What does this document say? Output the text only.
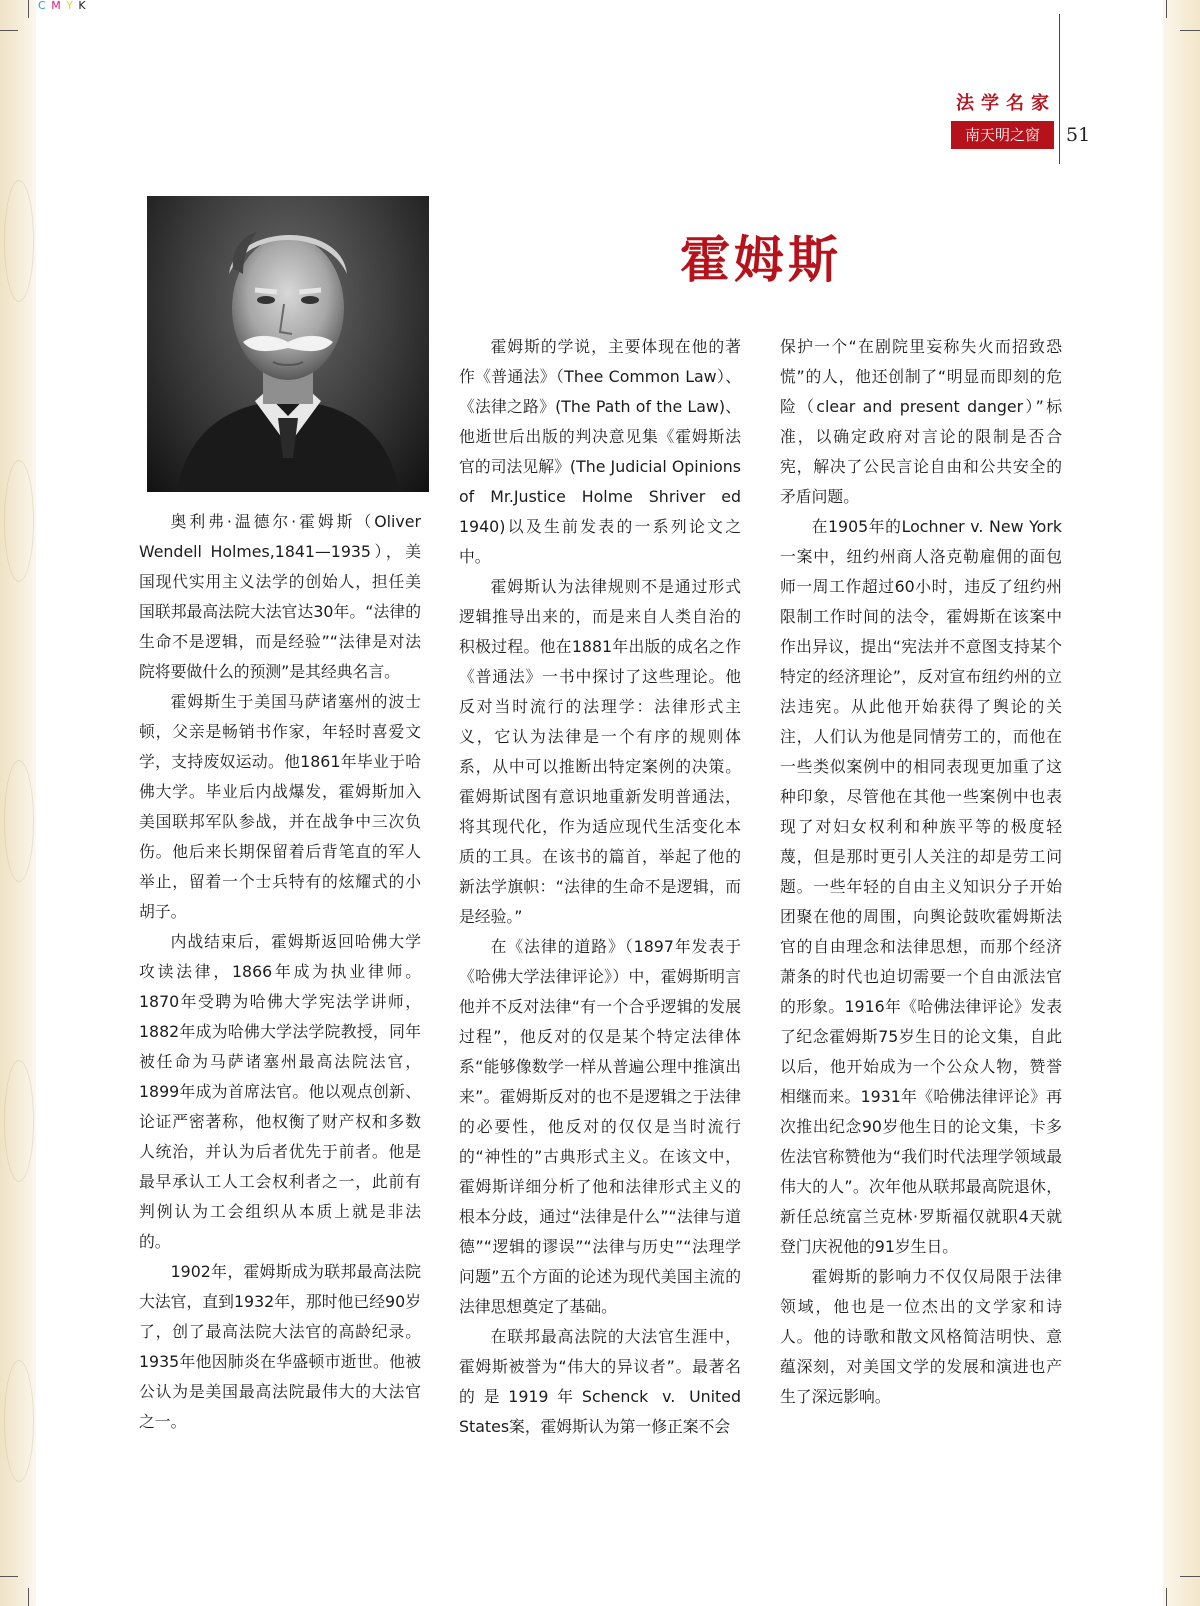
C M Y K
法学名家
南天明之窗	51
霍姆斯

奥利弗·温德尔·霍姆斯（Oliver Wendell Holmes,1841—1935），美国现代实用主义法学的创始人，担任美国联邦最高法院大法官达30年。“法律的生命不是逻辑，而是经验”“法律是对法院将要做什么的预测”是其经典名言。

霍姆斯生于美国马萨诸塞州的波士顿，父亲是畅销书作家，年轻时喜爱文学，支持废奴运动。他1861年毕业于哈佛大学。毕业后内战爆发，霍姆斯加入美国联邦军队参战，并在战争中三次负伤。他后来长期保留着后背笔直的军人举止，留着一个士兵特有的炫耀式的小胡子。

内战结束后，霍姆斯返回哈佛大学攻读法律，1866年成为执业律师。1870年受聘为哈佛大学宪法学讲师，1882年成为哈佛大学法学院教授，同年被任命为马萨诸塞州最高法院法官，1899年成为首席法官。他以观点创新、论证严密著称，他权衡了财产权和多数人统治，并认为后者优先于前者。他是最早承认工人工会权利者之一，此前有判例认为工会组织从本质上就是非法的。

1902年，霍姆斯成为联邦最高法院大法官，直到1932年，那时他已经90岁了，创了最高法院大法官的高龄纪录。1935年他因肺炎在华盛顿市逝世。他被公认为是美国最高法院最伟大的大法官之一。

霍姆斯的学说，主要体现在他的著作《普通法》（Thee Common Law）、《法律之路》(The Path of the Law)、他逝世后出版的判决意见集《霍姆斯法官的司法见解》(The Judicial Opinions of Mr.Justice Holme Shriver ed 1940)以及生前发表的一系列论文之中。

霍姆斯认为法律规则不是通过形式逻辑推导出来的，而是来自人类自治的积极过程。他在1881年出版的成名之作《普通法》一书中探讨了这些理论。他反对当时流行的法理学：法律形式主义，它认为法律是一个有序的规则体系，从中可以推断出特定案例的决策。霍姆斯试图有意识地重新发明普通法，将其现代化，作为适应现代生活变化本质的工具。在该书的篇首，举起了他的新法学旗帜：“法律的生命不是逻辑，而是经验。”

在《法律的道路》（1897年发表于《哈佛大学法律评论》）中，霍姆斯明言他并不反对法律“有一个合乎逻辑的发展过程”，他反对的仅是某个特定法律体系“能够像数学一样从普遍公理中推演出来”。霍姆斯反对的也不是逻辑之于法律的必要性，他反对的仅仅是当时流行的“神性的”古典形式主义。在该文中，霍姆斯详细分析了他和法律形式主义的根本分歧，通过“法律是什么”“法律与道德”“逻辑的谬误”“法律与历史”“法理学问题”五个方面的论述为现代美国主流的法律思想奠定了基础。

在联邦最高法院的大法官生涯中，霍姆斯被誉为“伟大的异议者”。最著名的是1919年Schenck v. United States案，霍姆斯认为第一修正案不会

保护一个“在剧院里妄称失火而招致恐慌”的人，他还创制了“明显而即刻的危险（clear and present danger）”标准，以确定政府对言论的限制是否合宪，解决了公民言论自由和公共安全的矛盾问题。

在1905年的Lochner v. New York一案中，纽约州商人洛克勒雇佣的面包师一周工作超过60小时，违反了纽约州限制工作时间的法令，霍姆斯在该案中作出异议，提出“宪法并不意图支持某个特定的经济理论”，反对宣布纽约州的立法违宪。从此他开始获得了舆论的关注，人们认为他是同情劳工的，而他在一些类似案例中的相同表现更加重了这种印象，尽管他在其他一些案例中也表现了对妇女权利和种族平等的极度轻蔑，但是那时更引人关注的却是劳工问题。一些年轻的自由主义知识分子开始团聚在他的周围，向舆论鼓吹霍姆斯法官的自由理念和法律思想，而那个经济萧条的时代也迫切需要一个自由派法官的形象。1916年《哈佛法律评论》发表了纪念霍姆斯75岁生日的论文集，自此以后，他开始成为一个公众人物，赞誉相继而来。1931年《哈佛法律评论》再次推出纪念90岁他生日的论文集，卡多佐法官称赞他为“我们时代法理学领域最伟大的人”。次年他从联邦最高院退休，新任总统富兰克林·罗斯福仅就职4天就登门庆祝他的91岁生日。

霍姆斯的影响力不仅仅局限于法律领域，他也是一位杰出的文学家和诗人。他的诗歌和散文风格简洁明快、意蕴深刻，对美国文学的发展和演进也产生了深远影响。
